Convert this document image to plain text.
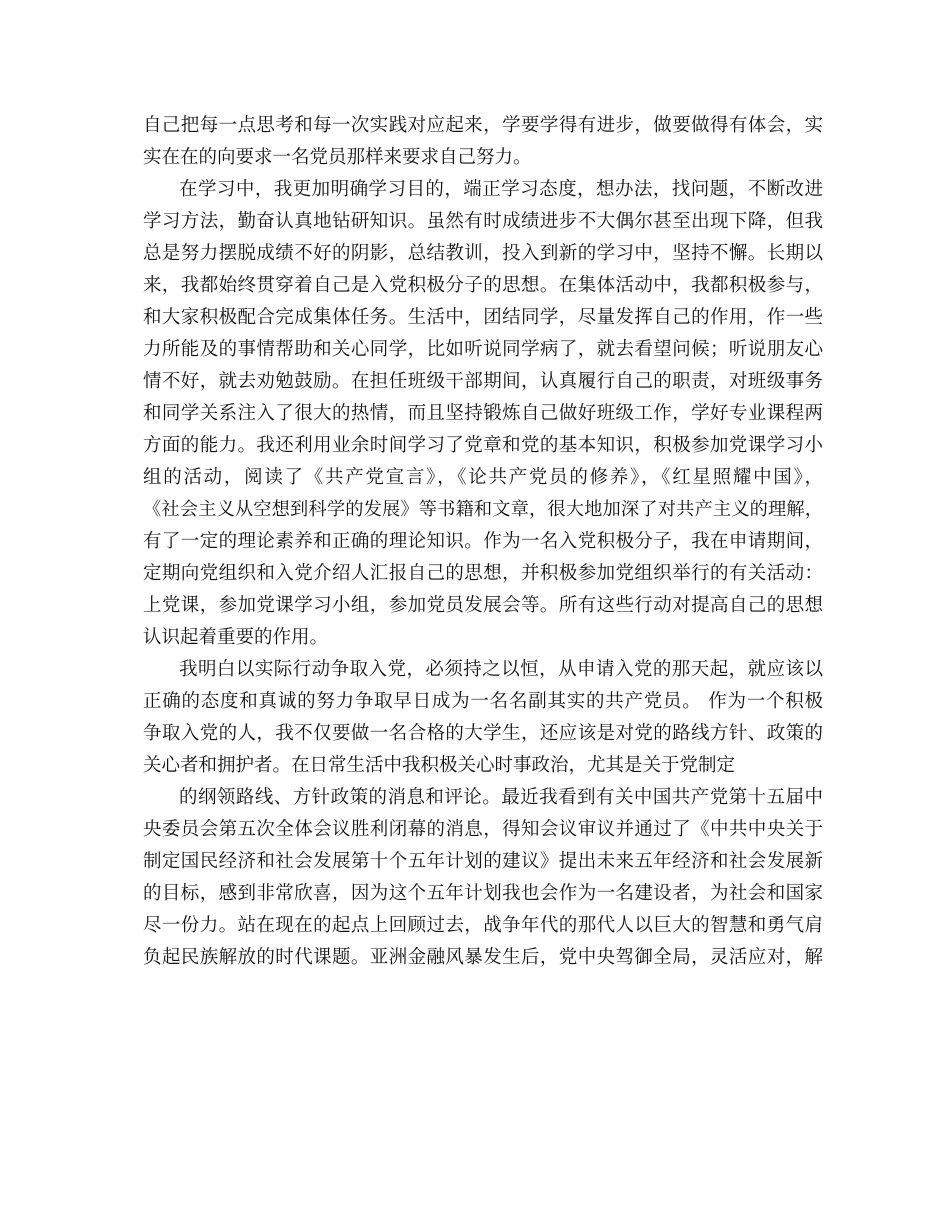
自己把每一点思考和每一次实践对应起来，学要学得有进步，做要做得有体会，实
实在在的向要求一名党员那样来要求自己努力。
在学习中，我更加明确学习目的，端正学习态度，想办法，找问题，不断改进
学习方法，勤奋认真地钻研知识。虽然有时成绩进步不大偶尔甚至出现下降，但我
总是努力摆脱成绩不好的阴影，总结教训，投入到新的学习中，坚持不懈。长期以
来，我都始终贯穿着自己是入党积极分子的思想。在集体活动中，我都积极参与，
和大家积极配合完成集体任务。生活中，团结同学，尽量发挥自己的作用，作一些
力所能及的事情帮助和关心同学，比如听说同学病了，就去看望问候；听说朋友心
情不好，就去劝勉鼓励。在担任班级干部期间，认真履行自己的职责，对班级事务
和同学关系注入了很大的热情，而且坚持锻炼自己做好班级工作，学好专业课程两
方面的能力。我还利用业余时间学习了党章和党的基本知识，积极参加党课学习小
组的活动，阅读了《共产党宣言》，《论共产党员的修养》，《红星照耀中国》，
《社会主义从空想到科学的发展》等书籍和文章，很大地加深了对共产主义的理解，
有了一定的理论素养和正确的理论知识。作为一名入党积极分子，我在申请期间，
定期向党组织和入党介绍人汇报自己的思想，并积极参加党组织举行的有关活动：
上党课，参加党课学习小组，参加党员发展会等。所有这些行动对提高自己的思想
认识起着重要的作用。
我明白以实际行动争取入党，必须持之以恒，从申请入党的那天起，就应该以
正确的态度和真诚的努力争取早日成为一名名副其实的共产党员。 作为一个积极
争取入党的人，我不仅要做一名合格的大学生，还应该是对党的路线方针、政策的
关心者和拥护者。在日常生活中我积极关心时事政治，尤其是关于党制定
的纲领路线、方针政策的消息和评论。最近我看到有关中国共产党第十五届中
央委员会第五次全体会议胜利闭幕的消息，得知会议审议并通过了《中共中央关于
制定国民经济和社会发展第十个五年计划的建议》提出未来五年经济和社会发展新
的目标，感到非常欣喜，因为这个五年计划我也会作为一名建设者，为社会和国家
尽一份力。站在现在的起点上回顾过去，战争年代的那代人以巨大的智慧和勇气肩
负起民族解放的时代课题。亚洲金融风暴发生后，党中央驾御全局，灵活应对，解
